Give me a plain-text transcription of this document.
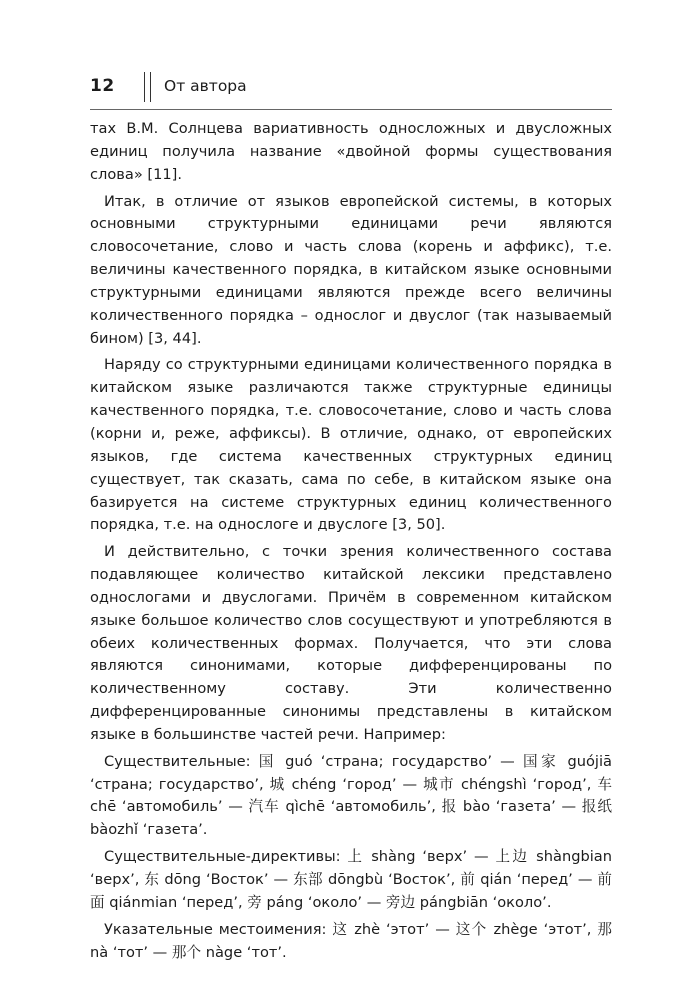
12	От автора

тах В.М. Солнцева вариативность односложных и двусложных единиц получила название «двойной формы существования слова» [11].

Итак, в отличие от языков европейской системы, в которых основными структурными единицами речи являются словосочетание, слово и часть слова (корень и аффикс), т.е. величины качественного порядка, в китайском языке основными структурными единицами являются прежде всего величины количественного порядка – однослог и двуслог (так называемый бином) [3, 44].

Наряду со структурными единицами количественного порядка в китайском языке различаются также структурные единицы качественного порядка, т.е. словосочетание, слово и часть слова (корни и, реже, аффиксы). В отличие, однако, от европейских языков, где система качественных структурных единиц существует, так сказать, сама по себе, в китайском языке она базируется на системе структурных единиц количественного порядка, т.е. на однослоге и двуслоге [3, 50].

И действительно, с точки зрения количественного состава подавляющее количество китайской лексики представлено однослогами и двуслогами. Причём в современном китайском языке большое количество слов сосуществуют и употребляются в обеих количественных формах. Получается, что эти слова являются синонимами, которые дифференцированы по количественному составу. Эти количественно дифференцированные синонимы представлены в китайском языке в большинстве частей речи. Например:

Существительные: 国 guó ‘страна; государство’ — 国家 guójiā ‘страна; государство’, 城 chéng ‘город’ — 城市 chéngshì ‘город’, 车 chē ‘автомобиль’ — 汽车 qìchē ‘автомобиль’, 报 bào ‘газета’ — 报纸 bàozhǐ ‘газета’.

Существительные-директивы: 上 shàng ‘верх’ — 上边 shàngbian ‘верх’, 东 dōng ‘Восток’ — 东部 dōngbù ‘Восток’, 前 qián ‘перед’ — 前面 qiánmian ‘перед’, 旁 páng ‘около’ — 旁边 pángbiān ‘около’.

Указательные местоимения: 这 zhè ‘этот’ — 这个 zhège ‘этот’, 那 nà ‘тот’ — 那个 nàge ‘тот’.
